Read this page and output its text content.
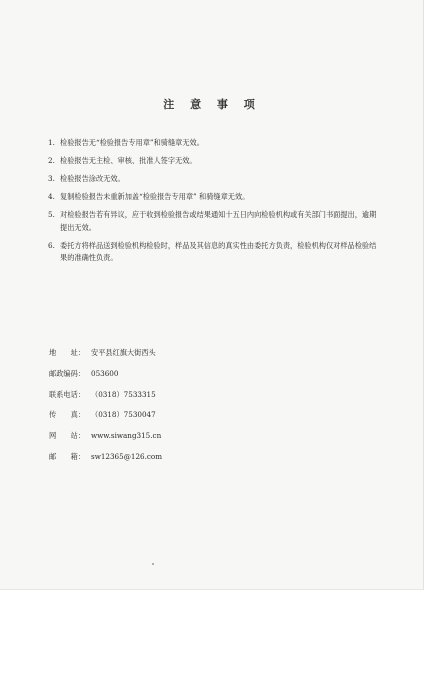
注 意 事 项
1. 检验报告无“检验报告专用章”和骑缝章无效。
2. 检验报告无主检、审核、批准人签字无效。
3. 检验报告涂改无效。
4. 复制检验报告未重新加盖“检验报告专用章” 和骑缝章无效。
5. 对检验报告若有异议，应于收到检验报告或结果通知十五日内向检验机构或有关部门书面提出，逾期提出无效。
6. 委托方将样品送到检验机构检验时，样品及其信息的真实性由委托方负责，检验机构仅对样品检验结果的准确性负责。
地　　址： 安平县红旗大街西头
邮政编码： 053600
联系电话： （0318）7533315
传　　真： （0318）7530047
网　　站： www.siwang315.cn
邮　　箱： sw12365@126.com
